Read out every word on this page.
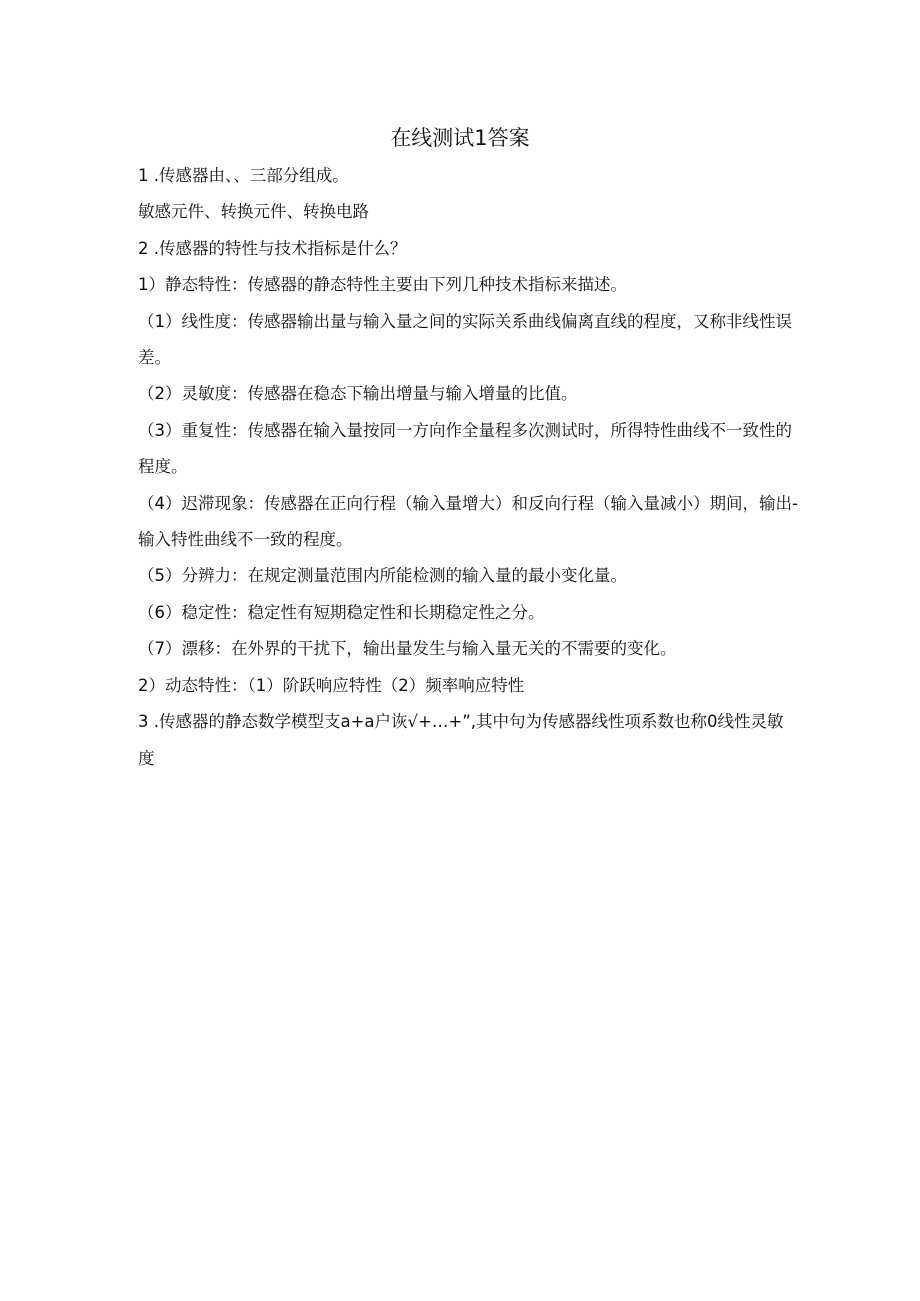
在线测试1答案

1 .传感器由、、三部分组成。

敏感元件、转换元件、转换电路

2 .传感器的特性与技术指标是什么？

1）静态特性：传感器的静态特性主要由下列几种技术指标来描述。

（1）线性度：传感器输出量与输入量之间的实际关系曲线偏离直线的程度，又称非线性误差。

（2）灵敏度：传感器在稳态下输出增量与输入增量的比值。

（3）重复性：传感器在输入量按同一方向作全量程多次测试时，所得特性曲线不一致性的程度。

（4）迟滞现象：传感器在正向行程（输入量增大）和反向行程（输入量减小）期间，输出-输入特性曲线不一致的程度。

（5）分辨力：在规定测量范围内所能检测的输入量的最小变化量。

（6）稳定性：稳定性有短期稳定性和长期稳定性之分。

（7）漂移：在外界的干扰下，输出量发生与输入量无关的不需要的变化。

2）动态特性：（1）阶跃响应特性（2）频率响应特性

3 .传感器的静态数学模型支a+a户诙√+…+”,其中句为传感器线性项系数也称0线性灵敏度
